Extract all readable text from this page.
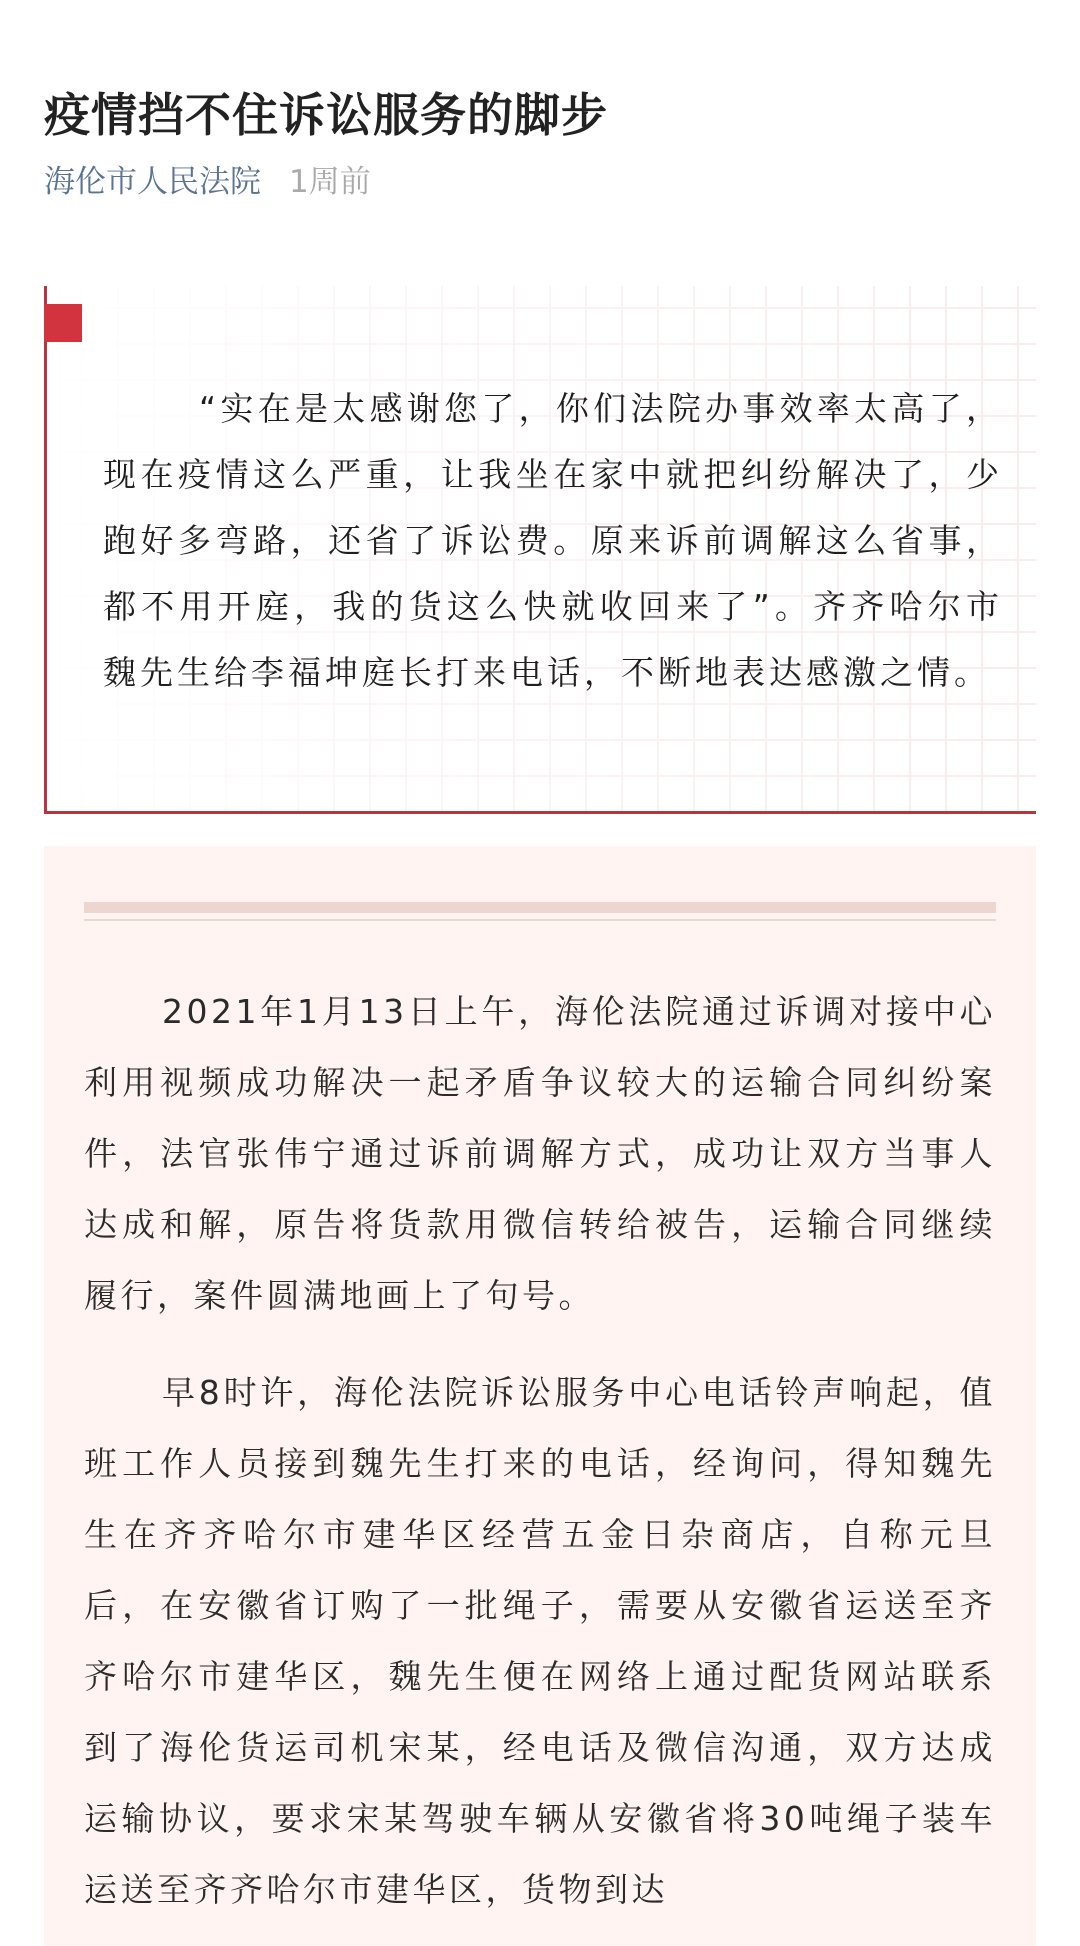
疫情挡不住诉讼服务的脚步
海伦市人民法院 1周前

“实在是太感谢您了，你们法院办事效率太高了，现在疫情这么严重，让我坐在家中就把纠纷解决了，少跑好多弯路，还省了诉讼费。原来诉前调解这么省事，都不用开庭，我的货这么快就收回来了”。齐齐哈尔市魏先生给李福坤庭长打来电话，不断地表达感激之情。

2021年1月13日上午，海伦法院通过诉调对接中心利用视频成功解决一起矛盾争议较大的运输合同纠纷案件，法官张伟宁通过诉前调解方式，成功让双方当事人达成和解，原告将货款用微信转给被告，运输合同继续履行，案件圆满地画上了句号。

早8时许，海伦法院诉讼服务中心电话铃声响起，值班工作人员接到魏先生打来的电话，经询问，得知魏先生在齐齐哈尔市建华区经营五金日杂商店，自称元旦后，在安徽省订购了一批绳子，需要从安徽省运送至齐齐哈尔市建华区，魏先生便在网络上通过配货网站联系到了海伦货运司机宋某，经电话及微信沟通，双方达成运输协议，要求宋某驾驶车辆从安徽省将30吨绳子装车运送至齐齐哈尔市建华区，货物到达
